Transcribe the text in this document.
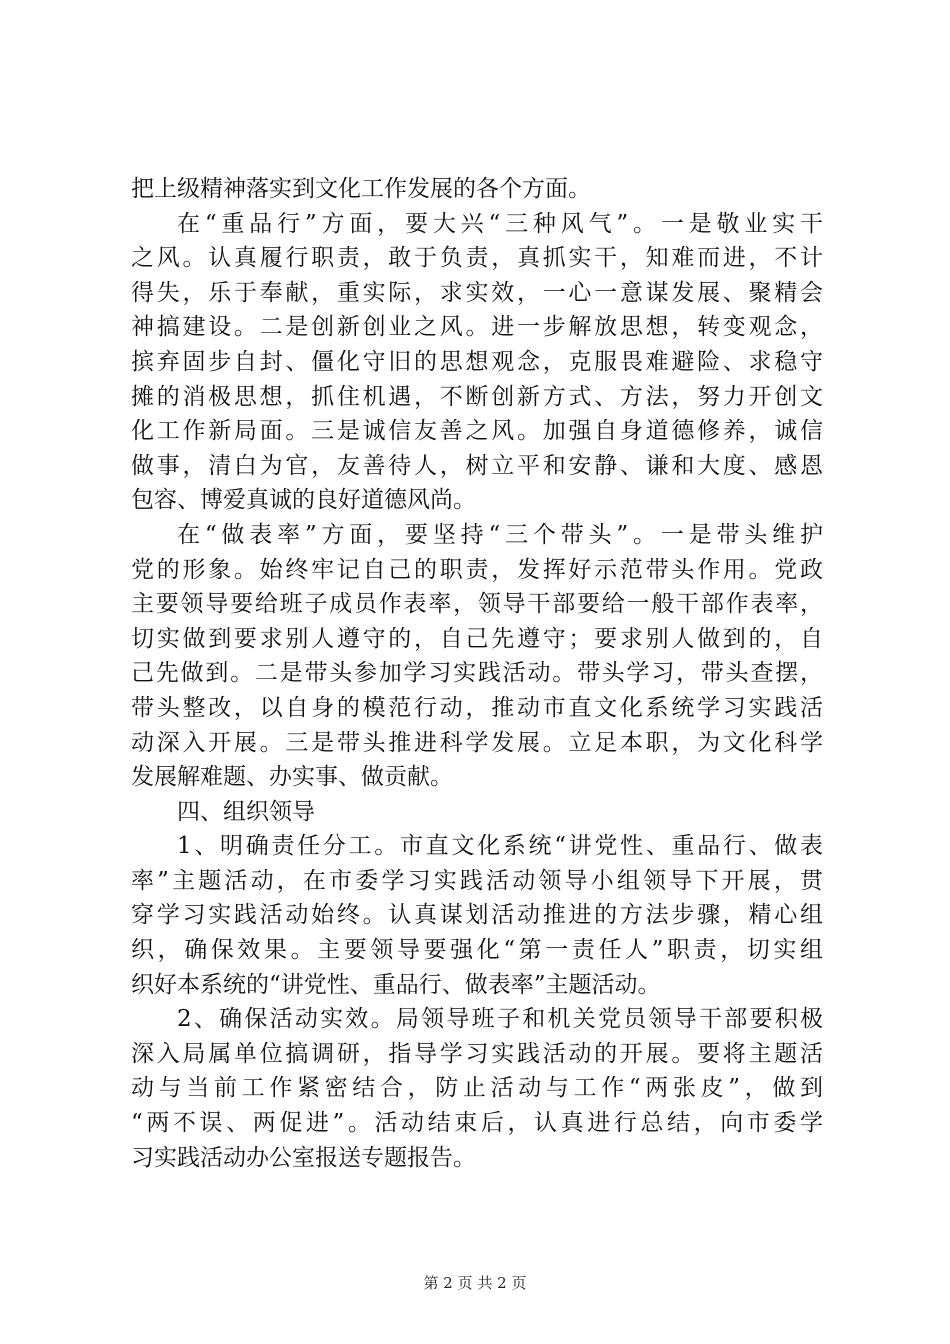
把上级精神落实到文化工作发展的各个方面。
在“重品行”方面，要大兴“三种风气”。一是敬业实干
之风。认真履行职责，敢于负责，真抓实干，知难而进，不计
得失，乐于奉献，重实际，求实效，一心一意谋发展、聚精会
神搞建设。二是创新创业之风。进一步解放思想，转变观念，
摈弃固步自封、僵化守旧的思想观念，克服畏难避险、求稳守
摊的消极思想，抓住机遇，不断创新方式、方法，努力开创文
化工作新局面。三是诚信友善之风。加强自身道德修养，诚信
做事，清白为官，友善待人，树立平和安静、谦和大度、感恩
包容、博爱真诚的良好道德风尚。
在“做表率”方面，要坚持“三个带头”。一是带头维护
党的形象。始终牢记自己的职责，发挥好示范带头作用。党政
主要领导要给班子成员作表率，领导干部要给一般干部作表率，
切实做到要求别人遵守的，自己先遵守；要求别人做到的，自
己先做到。二是带头参加学习实践活动。带头学习，带头查摆，
带头整改，以自身的模范行动，推动市直文化系统学习实践活
动深入开展。三是带头推进科学发展。立足本职，为文化科学
发展解难题、办实事、做贡献。
四、组织领导
1、明确责任分工。市直文化系统“讲党性、重品行、做表
率”主题活动，在市委学习实践活动领导小组领导下开展，贯
穿学习实践活动始终。认真谋划活动推进的方法步骤，精心组
织，确保效果。主要领导要强化“第一责任人”职责，切实组
织好本系统的“讲党性、重品行、做表率”主题活动。
2、确保活动实效。局领导班子和机关党员领导干部要积极
深入局属单位搞调研，指导学习实践活动的开展。要将主题活
动与当前工作紧密结合，防止活动与工作“两张皮”，做到
“两不误、两促进”。活动结束后，认真进行总结，向市委学
习实践活动办公室报送专题报告。
第 2 页 共 2 页
